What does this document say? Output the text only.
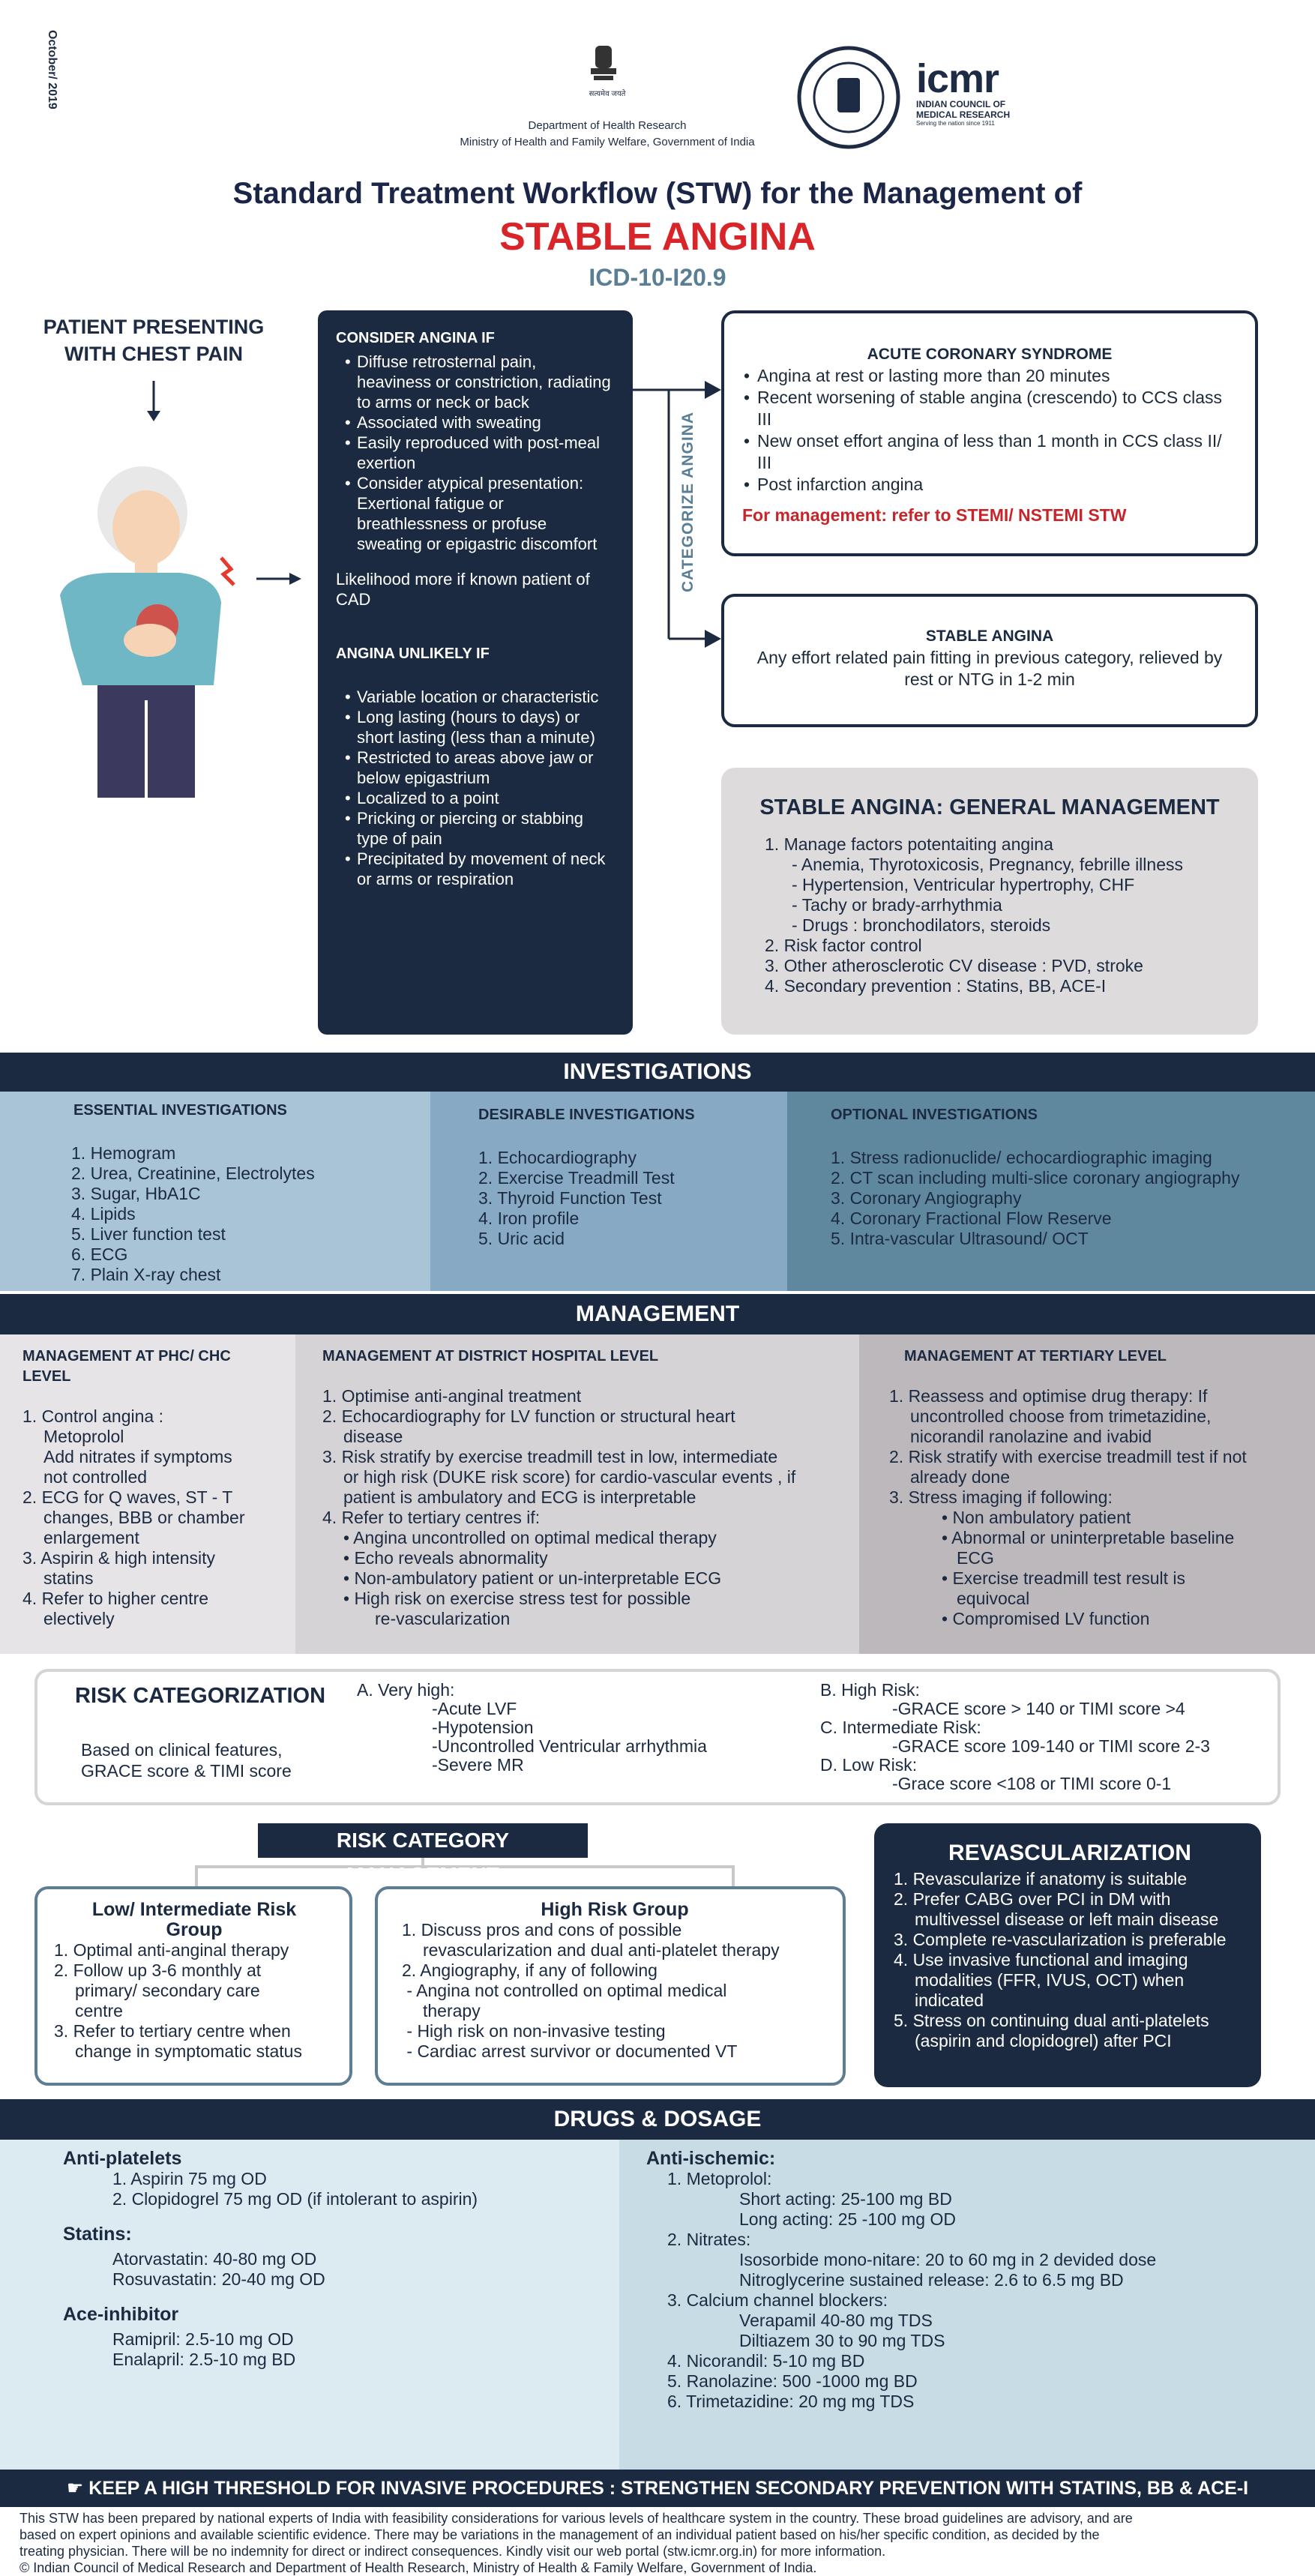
October/ 2019	सत्यमेव जयते
Department of Health Research
Ministry of Health and Family Welfare, Government of India
icmr
INDIAN COUNCIL OF
MEDICAL RESEARCH
Serving the nation since 1911
Standard Treatment Workflow (STW) for the Management of
STABLE ANGINA
ICD-10-I20.9
PATIENT PRESENTING
WITH CHEST PAIN
CONSIDER ANGINA IF
• Diffuse retrosternal pain, heaviness or constriction, radiating to arms or neck or back
• Associated with sweating
• Easily reproduced with post-meal exertion
• Consider atypical presentation: Exertional fatigue or breathlessness or profuse sweating or epigastric discomfort
Likelihood more if known patient of CAD
ANGINA UNLIKELY IF
• Variable location or characteristic
• Long lasting (hours to days) or short lasting (less than a minute)
• Restricted to areas above jaw or below epigastrium
• Localized to a point
• Pricking or piercing or stabbing type of pain
• Precipitated by movement of neck or arms or respiration
CATEGORIZE ANGINA
ACUTE CORONARY SYNDROME
• Angina at rest or lasting more than 20 minutes
• Recent worsening of stable angina (crescendo) to CCS class III
• New onset effort angina of less than 1 month in CCS class II/ III
• Post infarction angina
For management: refer to STEMI/ NSTEMI STW
STABLE ANGINA
Any effort related pain fitting in previous category, relieved by rest or NTG in 1-2 min
STABLE ANGINA: GENERAL MANAGEMENT
1. Manage factors potentaiting angina
- Anemia, Thyrotoxicosis, Pregnancy, febrille illness
- Hypertension, Ventricular hypertrophy, CHF
- Tachy or brady-arrhythmia
- Drugs : bronchodilators, steroids
2. Risk factor control
3. Other atherosclerotic CV disease : PVD, stroke
4. Secondary prevention : Statins, BB, ACE-I
INVESTIGATIONS
ESSENTIAL INVESTIGATIONS
1. Hemogram
2. Urea, Creatinine, Electrolytes
3. Sugar, HbA1C
4. Lipids
5. Liver function test
6. ECG
7. Plain X-ray chest
DESIRABLE INVESTIGATIONS
1. Echocardiography
2. Exercise Treadmill Test
3. Thyroid Function Test
4. Iron profile
5. Uric acid
OPTIONAL INVESTIGATIONS
1. Stress radionuclide/ echocardiographic imaging
2. CT scan including multi-slice coronary angiography
3. Coronary Angiography
4. Coronary Fractional Flow Reserve
5. Intra-vascular Ultrasound/ OCT
MANAGEMENT
MANAGEMENT AT PHC/ CHC
LEVEL
1. Control angina :
Metoprolol
Add nitrates if symptoms
not controlled
2. ECG for Q waves, ST - T
changes, BBB or chamber
enlargement
3. Aspirin & high intensity
statins
4. Refer to higher centre
electively
MANAGEMENT AT DISTRICT HOSPITAL LEVEL
1. Optimise anti-anginal treatment
2. Echocardiography for LV function or structural heart
disease
3. Risk stratify by exercise treadmill test in low, intermediate
or high risk (DUKE risk score) for cardio-vascular events , if
patient is ambulatory and ECG is interpretable
4. Refer to tertiary centres if:
• Angina uncontrolled on optimal medical therapy
• Echo reveals abnormality
• Non-ambulatory patient or un-interpretable ECG
• High risk on exercise stress test for possible
re-vascularization
MANAGEMENT AT TERTIARY LEVEL
1. Reassess and optimise drug therapy: If
uncontrolled choose from trimetazidine,
nicorandil ranolazine and ivabid
2. Risk stratify with exercise treadmill test if not
already done
3. Stress imaging if following:
• Non ambulatory patient
• Abnormal or uninterpretable baseline
ECG
• Exercise treadmill test result is
equivocal
• Compromised LV function
RISK CATEGORIZATION
Based on clinical features,
GRACE score & TIMI score
A. Very high:
-Acute LVF
-Hypotension
-Uncontrolled Ventricular arrhythmia
-Severe MR
B. High Risk:
-GRACE score > 140 or TIMI score >4
C. Intermediate Risk:
-GRACE score 109-140 or TIMI score 2-3
D. Low Risk:
-Grace score <108 or TIMI score 0-1
RISK CATEGORY MANAGEMENT
Low/ Intermediate Risk
Group
1. Optimal anti-anginal therapy
2. Follow up 3-6 monthly at
primary/ secondary care
centre
3. Refer to tertiary centre when
change in symptomatic status
High Risk Group
1. Discuss pros and cons of possible
revascularization and dual anti-platelet therapy
2. Angiography, if any of following
- Angina not controlled on optimal medical
therapy
- High risk on non-invasive testing
- Cardiac arrest survivor or documented VT
REVASCULARIZATION
1. Revascularize if anatomy is suitable
2. Prefer CABG over PCI in DM with multivessel disease or left main disease
3. Complete re-vascularization is preferable
4. Use invasive functional and imaging modalities (FFR, IVUS, OCT) when indicated
5. Stress on continuing dual anti-platelets (aspirin and clopidogrel) after PCI
DRUGS & DOSAGE
Anti-platelets
1. Aspirin 75 mg OD
2. Clopidogrel 75 mg OD (if intolerant to aspirin)
Statins:
Atorvastatin: 40-80 mg OD
Rosuvastatin: 20-40 mg OD
Ace-inhibitor
Ramipril: 2.5-10 mg OD
Enalapril: 2.5-10 mg BD
Anti-ischemic:
1. Metoprolol:
Short acting: 25-100 mg BD
Long acting: 25 -100 mg OD
2. Nitrates:
Isosorbide mono-nitare: 20 to 60 mg in 2 devided dose
Nitroglycerine sustained release: 2.6 to 6.5 mg BD
3. Calcium channel blockers:
Verapamil 40-80 mg TDS
Diltiazem 30 to 90 mg TDS
4. Nicorandil: 5-10 mg BD
5. Ranolazine: 500 -1000 mg BD
6. Trimetazidine: 20 mg mg TDS
☛ KEEP A HIGH THRESHOLD FOR INVASIVE PROCEDURES : STRENGTHEN SECONDARY PREVENTION WITH STATINS, BB & ACE-I
This STW has been prepared by national experts of India with feasibility considerations for various levels of healthcare system in the country. These broad guidelines are advisory, and are
based on expert opinions and available scientific evidence. There may be variations in the management of an individual patient based on his/her specific condition, as decided by the
treating physician. There will be no indemnity for direct or indirect consequences. Kindly visit our web portal (stw.icmr.org.in) for more information.
© Indian Council of Medical Research and Department of Health Research, Ministry of Health & Family Welfare, Government of India.
